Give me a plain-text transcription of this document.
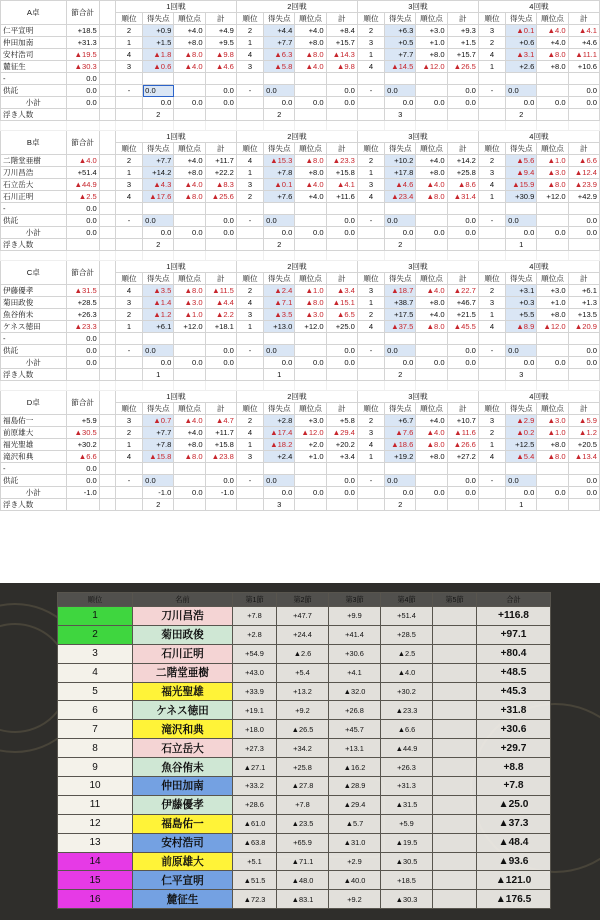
A卓	節合計		1回戦				2回戦				3回戦				4回戦			
			順位	得失点	順位点	計	順位	得失点	順位点	計	順位	得失点	順位点	計	順位	得失点	順位点	計
仁平宣明	+18.5		2	+0.9	+4.0	+4.9	2	+4.4	+4.0	+8.4	2	+6.3	+3.0	+9.3	3	▲0.1	▲4.0	▲4.1
仲田加南	+31.3		1	+1.5	+8.0	+9.5	1	+7.7	+8.0	+15.7	3	+0.5	+1.0	+1.5	2	+0.6	+4.0	+4.6
安村浩司	▲19.5		4	▲1.8	▲8.0	▲9.8	4	▲6.3	▲8.0	▲14.3	1	+7.7	+8.0	+15.7	4	▲3.1	▲8.0	▲11.1
麓征生	▲30.3		3	▲0.6	▲4.0	▲4.6	3	▲5.8	▲4.0	▲9.8	4	▲14.5	▲12.0	▲26.5	1	+2.6	+8.0	+10.6
-	0.0																	
供託	0.0		-	0.0		0.0	-	0.0		0.0	-	0.0		0.0	-	0.0		0.0
小計	0.0			0.0	0.0	0.0		0.0	0.0	0.0		0.0	0.0	0.0		0.0	0.0	0.0
浮き人数				2				2				3				2		

B卓	節合計		1回戦				2回戦				3回戦				4回戦			
			順位	得失点	順位点	計	順位	得失点	順位点	計	順位	得失点	順位点	計	順位	得失点	順位点	計
二階堂亜樹	▲4.0		2	+7.7	+4.0	+11.7	4	▲15.3	▲8.0	▲23.3	2	+10.2	+4.0	+14.2	2	▲5.6	▲1.0	▲6.6
刀川昌浩	+51.4		1	+14.2	+8.0	+22.2	1	+7.8	+8.0	+15.8	1	+17.8	+8.0	+25.8	3	▲9.4	▲3.0	▲12.4
石立岳大	▲44.9		3	▲4.3	▲4.0	▲8.3	3	▲0.1	▲4.0	▲4.1	3	▲4.6	▲4.0	▲8.6	4	▲15.9	▲8.0	▲23.9
石川正明	▲2.5		4	▲17.6	▲8.0	▲25.6	2	+7.6	+4.0	+11.6	4	▲23.4	▲8.0	▲31.4	1	+30.9	+12.0	+42.9
-	0.0																	
供託	0.0		-	0.0		0.0	-	0.0		0.0	-	0.0		0.0	-	0.0		0.0
小計	0.0			0.0	0.0	0.0		0.0	0.0	0.0		0.0	0.0	0.0		0.0	0.0	0.0
浮き人数				2				2				2				1		

C卓	節合計		1回戦				2回戦				3回戦				4回戦			
			順位	得失点	順位点	計	順位	得失点	順位点	計	順位	得失点	順位点	計	順位	得失点	順位点	計
伊藤優孝	▲31.5		4	▲3.5	▲8.0	▲11.5	2	▲2.4	▲1.0	▲3.4	3	▲18.7	▲4.0	▲22.7	2	+3.1	+3.0	+6.1
菊田政俊	+28.5		3	▲1.4	▲3.0	▲4.4	4	▲7.1	▲8.0	▲15.1	1	+38.7	+8.0	+46.7	3	+0.3	+1.0	+1.3
魚谷侑未	+26.3		2	▲1.2	▲1.0	▲2.2	3	▲3.5	▲3.0	▲6.5	2	+17.5	+4.0	+21.5	1	+5.5	+8.0	+13.5
ケネス徳田	▲23.3		1	+6.1	+12.0	+18.1	1	+13.0	+12.0	+25.0	4	▲37.5	▲8.0	▲45.5	4	▲8.9	▲12.0	▲20.9
-	0.0																	
供託	0.0		-	0.0		0.0	-	0.0		0.0	-	0.0		0.0	-	0.0		0.0
小計	0.0			0.0	0.0	0.0		0.0	0.0	0.0		0.0	0.0	0.0		0.0	0.0	0.0
浮き人数				1				1				2				3		

D卓	節合計		1回戦				2回戦				3回戦				4回戦			
			順位	得失点	順位点	計	順位	得失点	順位点	計	順位	得失点	順位点	計	順位	得失点	順位点	計
福島佑一	+5.9		3	▲0.7	▲4.0	▲4.7	2	+2.8	+3.0	+5.8	2	+6.7	+4.0	+10.7	3	▲2.9	▲3.0	▲5.9
前原雄大	▲30.5		2	+7.7	+4.0	+11.7	4	▲17.4	▲12.0	▲29.4	3	▲7.6	▲4.0	▲11.6	2	▲0.2	▲1.0	▲1.2
福光聖雄	+30.2		1	+7.8	+8.0	+15.8	1	▲18.2	+2.0	+20.2	4	▲18.6	▲8.0	▲26.6	1	+12.5	+8.0	+20.5
滝沢和典	▲6.6		4	▲15.8	▲8.0	▲23.8	3	+2.4	+1.0	+3.4	1	+19.2	+8.0	+27.2	4	▲5.4	▲8.0	▲13.4
-	0.0																	
供託	0.0		-	0.0		0.0	-	0.0		0.0	-	0.0		0.0	-	0.0		0.0
小計	-1.0			-1.0	0.0	-1.0		0.0	0.0	0.0		0.0	0.0	0.0		0.0	0.0	0.0
浮き人数				2				3				2				1		
順位	名前	第1節	第2節	第3節	第4節	第5節	合計
1	刀川昌浩	+7.8	+47.7	+9.9	+51.4		+116.8
2	菊田政俊	+2.8	+24.4	+41.4	+28.5		+97.1
3	石川正明	+54.9	▲2.6	+30.6	▲2.5		+80.4
4	二階堂亜樹	+43.0	+5.4	+4.1	▲4.0		+48.5
5	福光聖雄	+33.9	+13.2	▲32.0	+30.2		+45.3
6	ケネス徳田	+19.1	+9.2	+26.8	▲23.3		+31.8
7	滝沢和典	+18.0	▲26.5	+45.7	▲6.6		+30.6
8	石立岳大	+27.3	+34.2	+13.1	▲44.9		+29.7
9	魚谷侑未	▲27.1	+25.8	▲16.2	+26.3		+8.8
10	仲田加南	+33.2	▲27.8	▲28.9	+31.3		+7.8
11	伊藤優孝	+28.6	+7.8	▲29.4	▲31.5		▲25.0
12	福島佑一	▲61.0	▲23.5	▲5.7	+5.9		▲37.3
13	安村浩司	▲63.8	+65.9	▲31.0	▲19.5		▲48.4
14	前原雄大	+5.1	▲71.1	+2.9	▲30.5		▲93.6
15	仁平宣明	▲51.5	▲48.0	▲40.0	+18.5		▲121.0
16	麓征生	▲72.3	▲83.1	+9.2	▲30.3		▲176.5
